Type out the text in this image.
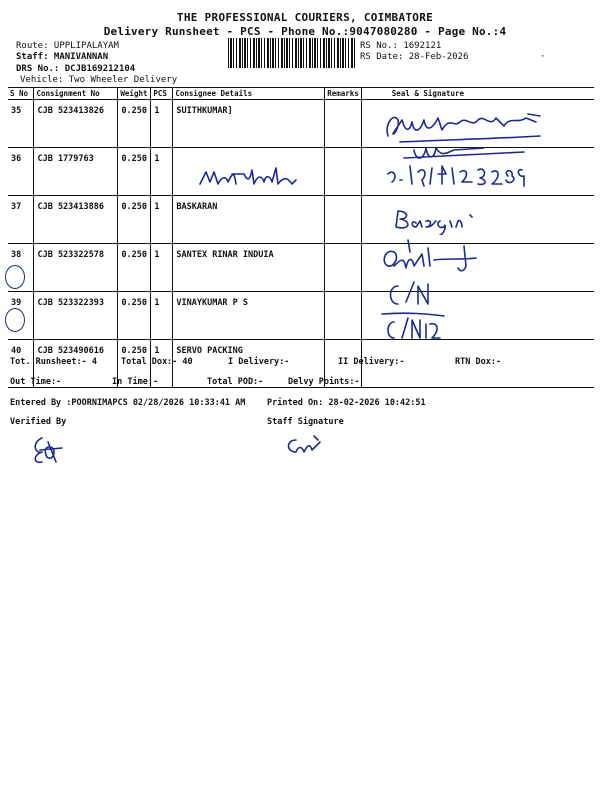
THE PROFESSIONAL COURIERS, COIMBATORE
Delivery Runsheet - PCS - Phone No.:9047080280 - Page No.:4
Route: UPPLIPALAYAM
Staff: MANIVANNAN
DRS No.: DCJB169212104
Vehicle: Two Wheeler Delivery
RS No.: 1692121
RS Date: 28-Feb-2026	·
S No	Consignment No	Weight	PCS	Consignee Details	Remarks	Seal & Signature
35	CJB 523413826	0.250	1	SUITHKUMAR]		
36	CJB 1779763	0.250	1			
37	CJB 523413886	0.250	1	BASKARAN		
38	CJB 523322578	0.250	1	SANTEX RINAR INDUIA		
39	CJB 523322393	0.250	1	VINAYKUMAR P S		
40	CJB 523490616	0.250	1	SERVO PACKING		
Tot. Runsheet:- 4	Total Dox:- 40	I Delivery:-	II Delivery:-	RTN Dox:-
Out Time:-	In Time:-	Total POD:-	Delvy Points:-
Entered By :POORNIMAPCS 02/28/2026 10:33:41 AM	Printed On: 28-02-2026 10:42:51
Verified By	Staff Signature
